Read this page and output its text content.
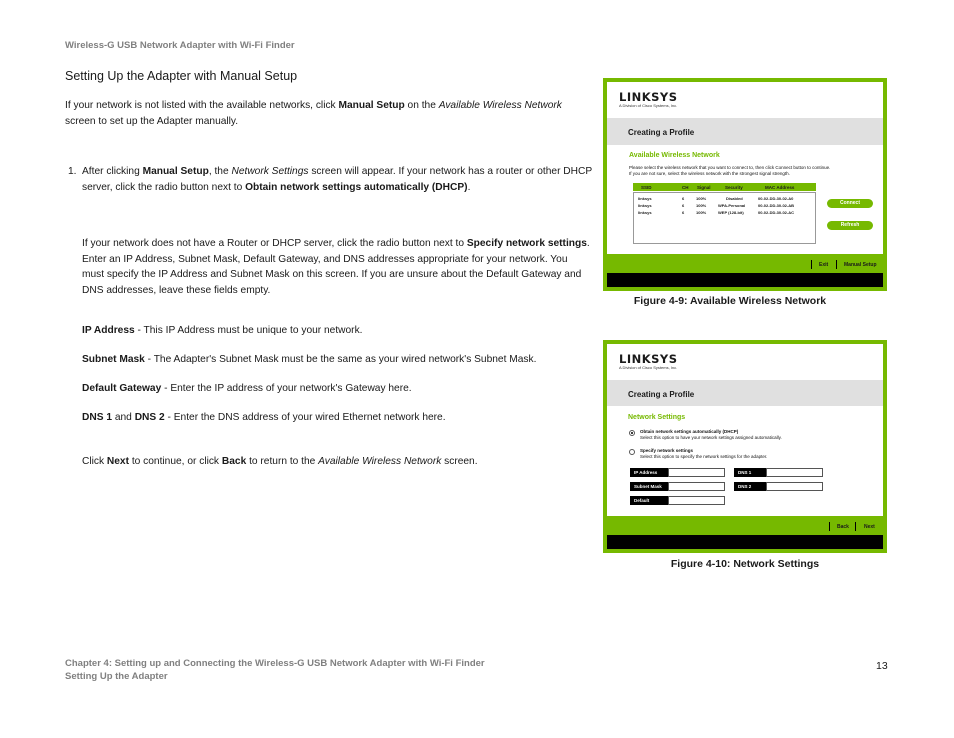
Wireless-G USB Network Adapter with Wi-Fi Finder
Setting Up the Adapter with Manual Setup
If your network is not listed with the available networks, click Manual Setup on the Available Wireless Network screen to set up the Adapter manually.
1. After clicking Manual Setup, the Network Settings screen will appear. If your network has a router or other DHCP server, click the radio button next to Obtain network settings automatically (DHCP).
If your network does not have a Router or DHCP server, click the radio button next to Specify network settings. Enter an IP Address, Subnet Mask, Default Gateway, and DNS addresses appropriate for your network. You must specify the IP Address and Subnet Mask on this screen. If you are unsure about the Default Gateway and DNS addresses, leave these fields empty.
IP Address - This IP Address must be unique to your network.
Subnet Mask - The Adapter's Subnet Mask must be the same as your wired network's Subnet Mask.
Default Gateway - Enter the IP address of your network's Gateway here.
DNS 1 and DNS 2 - Enter the DNS address of your wired Ethernet network here.
Click Next to continue, or click Back to return to the Available Wireless Network screen.
LINKSYS
A Division of Cisco Systems, Inc.
Creating a Profile
Available Wireless Network
Please select the wireless network that you want to connect to, then click Connect button to continue.
If you are not sure, select the wireless network with the strongest signal strength.
SSID	CH Signal	Security	MAC Address
linksys	6	100%	Disabled	00-02-DD-30-02-A0
linksys	6	100%	WPA-Personal	00-02-DD-30-02-AB
linksys	6	100%	WEP (128-bit)	00-02-DD-30-02-AC
Connect
Refresh
Exit	Manual Setup
Figure 4-9: Available Wireless Network
LINKSYS
A Division of Cisco Systems, Inc.
Creating a Profile
Network Settings
Obtain network settings automatically (DHCP)
Select this option to have your network settings assigned automatically.
Specify network settings
Select this option to specify the network settings for the adapter.
IP Address	DNS 1
Subnet Mask	DNS 2
Default Gateway
Back	Next
Figure 4-10: Network Settings
Chapter 4: Setting up and Connecting the Wireless-G USB Network Adapter with Wi-Fi Finder
Setting Up the Adapter
13
